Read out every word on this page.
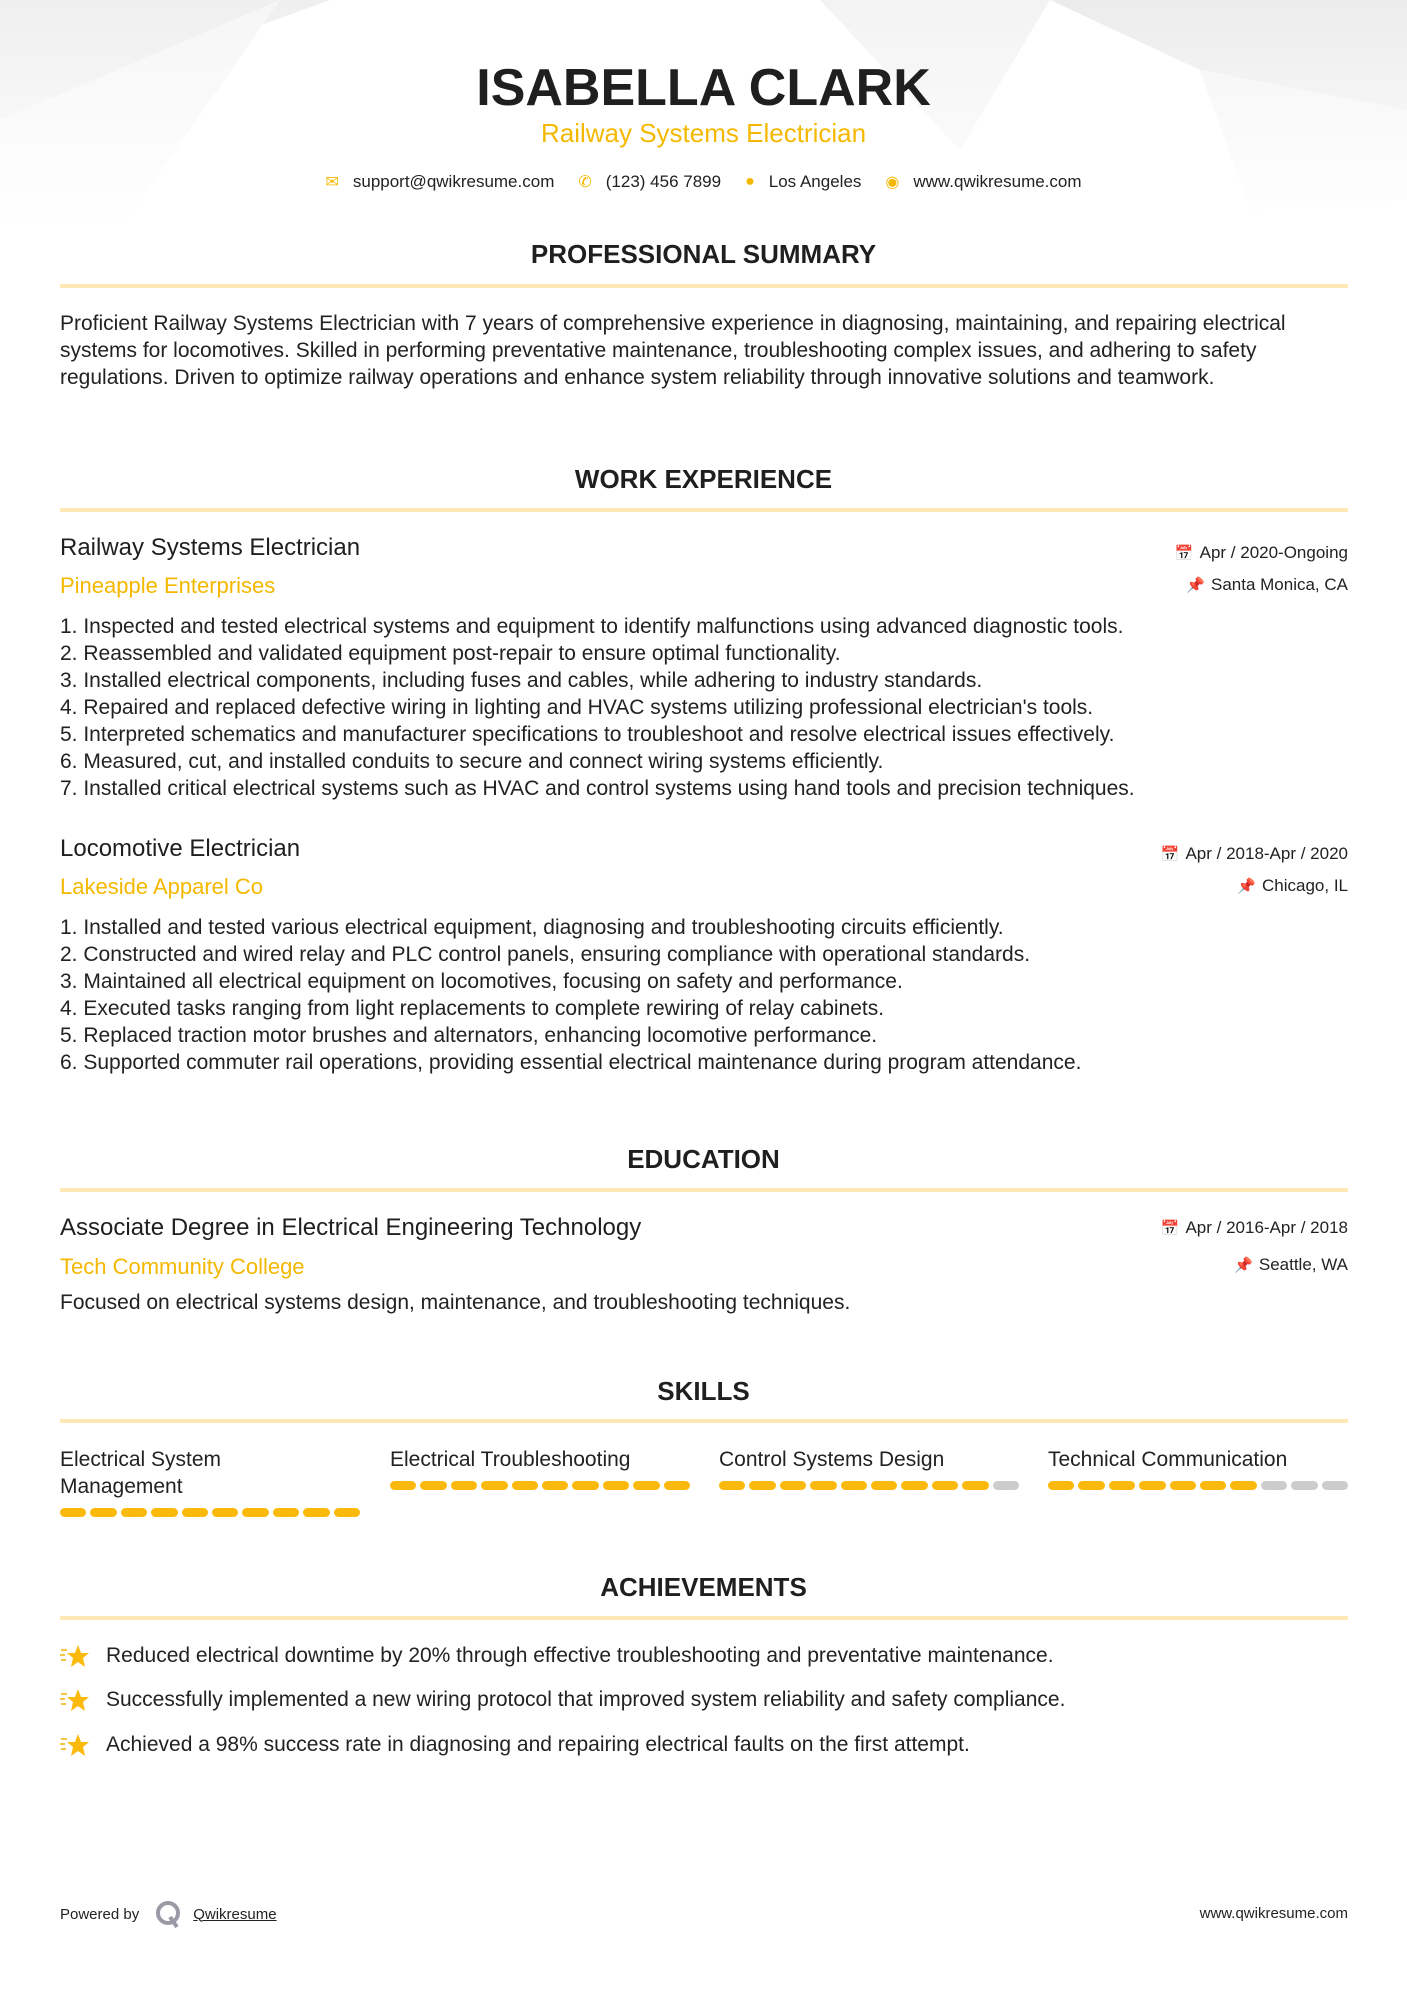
ISABELLA CLARK
Railway Systems Electrician
✉ support@qwikresume.com ✆ (123) 456 7899 ● Los Angeles ◉ www.qwikresume.com
PROFESSIONAL SUMMARY
Proficient Railway Systems Electrician with 7 years of comprehensive experience in diagnosing, maintaining, and repairing electrical systems for locomotives. Skilled in performing preventative maintenance, troubleshooting complex issues, and adhering to safety regulations. Driven to optimize railway operations and enhance system reliability through innovative solutions and teamwork.
WORK EXPERIENCE
Railway Systems Electrician
Pineapple Enterprises
📅 Apr / 2020-Ongoing
📌 Santa Monica, CA
1. Inspected and tested electrical systems and equipment to identify malfunctions using advanced diagnostic tools.
2. Reassembled and validated equipment post-repair to ensure optimal functionality.
3. Installed electrical components, including fuses and cables, while adhering to industry standards.
4. Repaired and replaced defective wiring in lighting and HVAC systems utilizing professional electrician's tools.
5. Interpreted schematics and manufacturer specifications to troubleshoot and resolve electrical issues effectively.
6. Measured, cut, and installed conduits to secure and connect wiring systems efficiently.
7. Installed critical electrical systems such as HVAC and control systems using hand tools and precision techniques.
Locomotive Electrician
Lakeside Apparel Co
📅 Apr / 2018-Apr / 2020
📌 Chicago, IL
1. Installed and tested various electrical equipment, diagnosing and troubleshooting circuits efficiently.
2. Constructed and wired relay and PLC control panels, ensuring compliance with operational standards.
3. Maintained all electrical equipment on locomotives, focusing on safety and performance.
4. Executed tasks ranging from light replacements to complete rewiring of relay cabinets.
5. Replaced traction motor brushes and alternators, enhancing locomotive performance.
6. Supported commuter rail operations, providing essential electrical maintenance during program attendance.
EDUCATION
Associate Degree in Electrical Engineering Technology
Tech Community College
📅 Apr / 2016-Apr / 2018
📌 Seattle, WA
Focused on electrical systems design, maintenance, and troubleshooting techniques.
SKILLS
Electrical System Management
Electrical Troubleshooting	Control Systems Design	Technical Communication
ACHIEVEMENTS
Reduced electrical downtime by 20% through effective troubleshooting and preventative maintenance.
Successfully implemented a new wiring protocol that improved system reliability and safety compliance.
Achieved a 98% success rate in diagnosing and repairing electrical faults on the first attempt.
Powered by	Qwikresume	www.qwikresume.com
